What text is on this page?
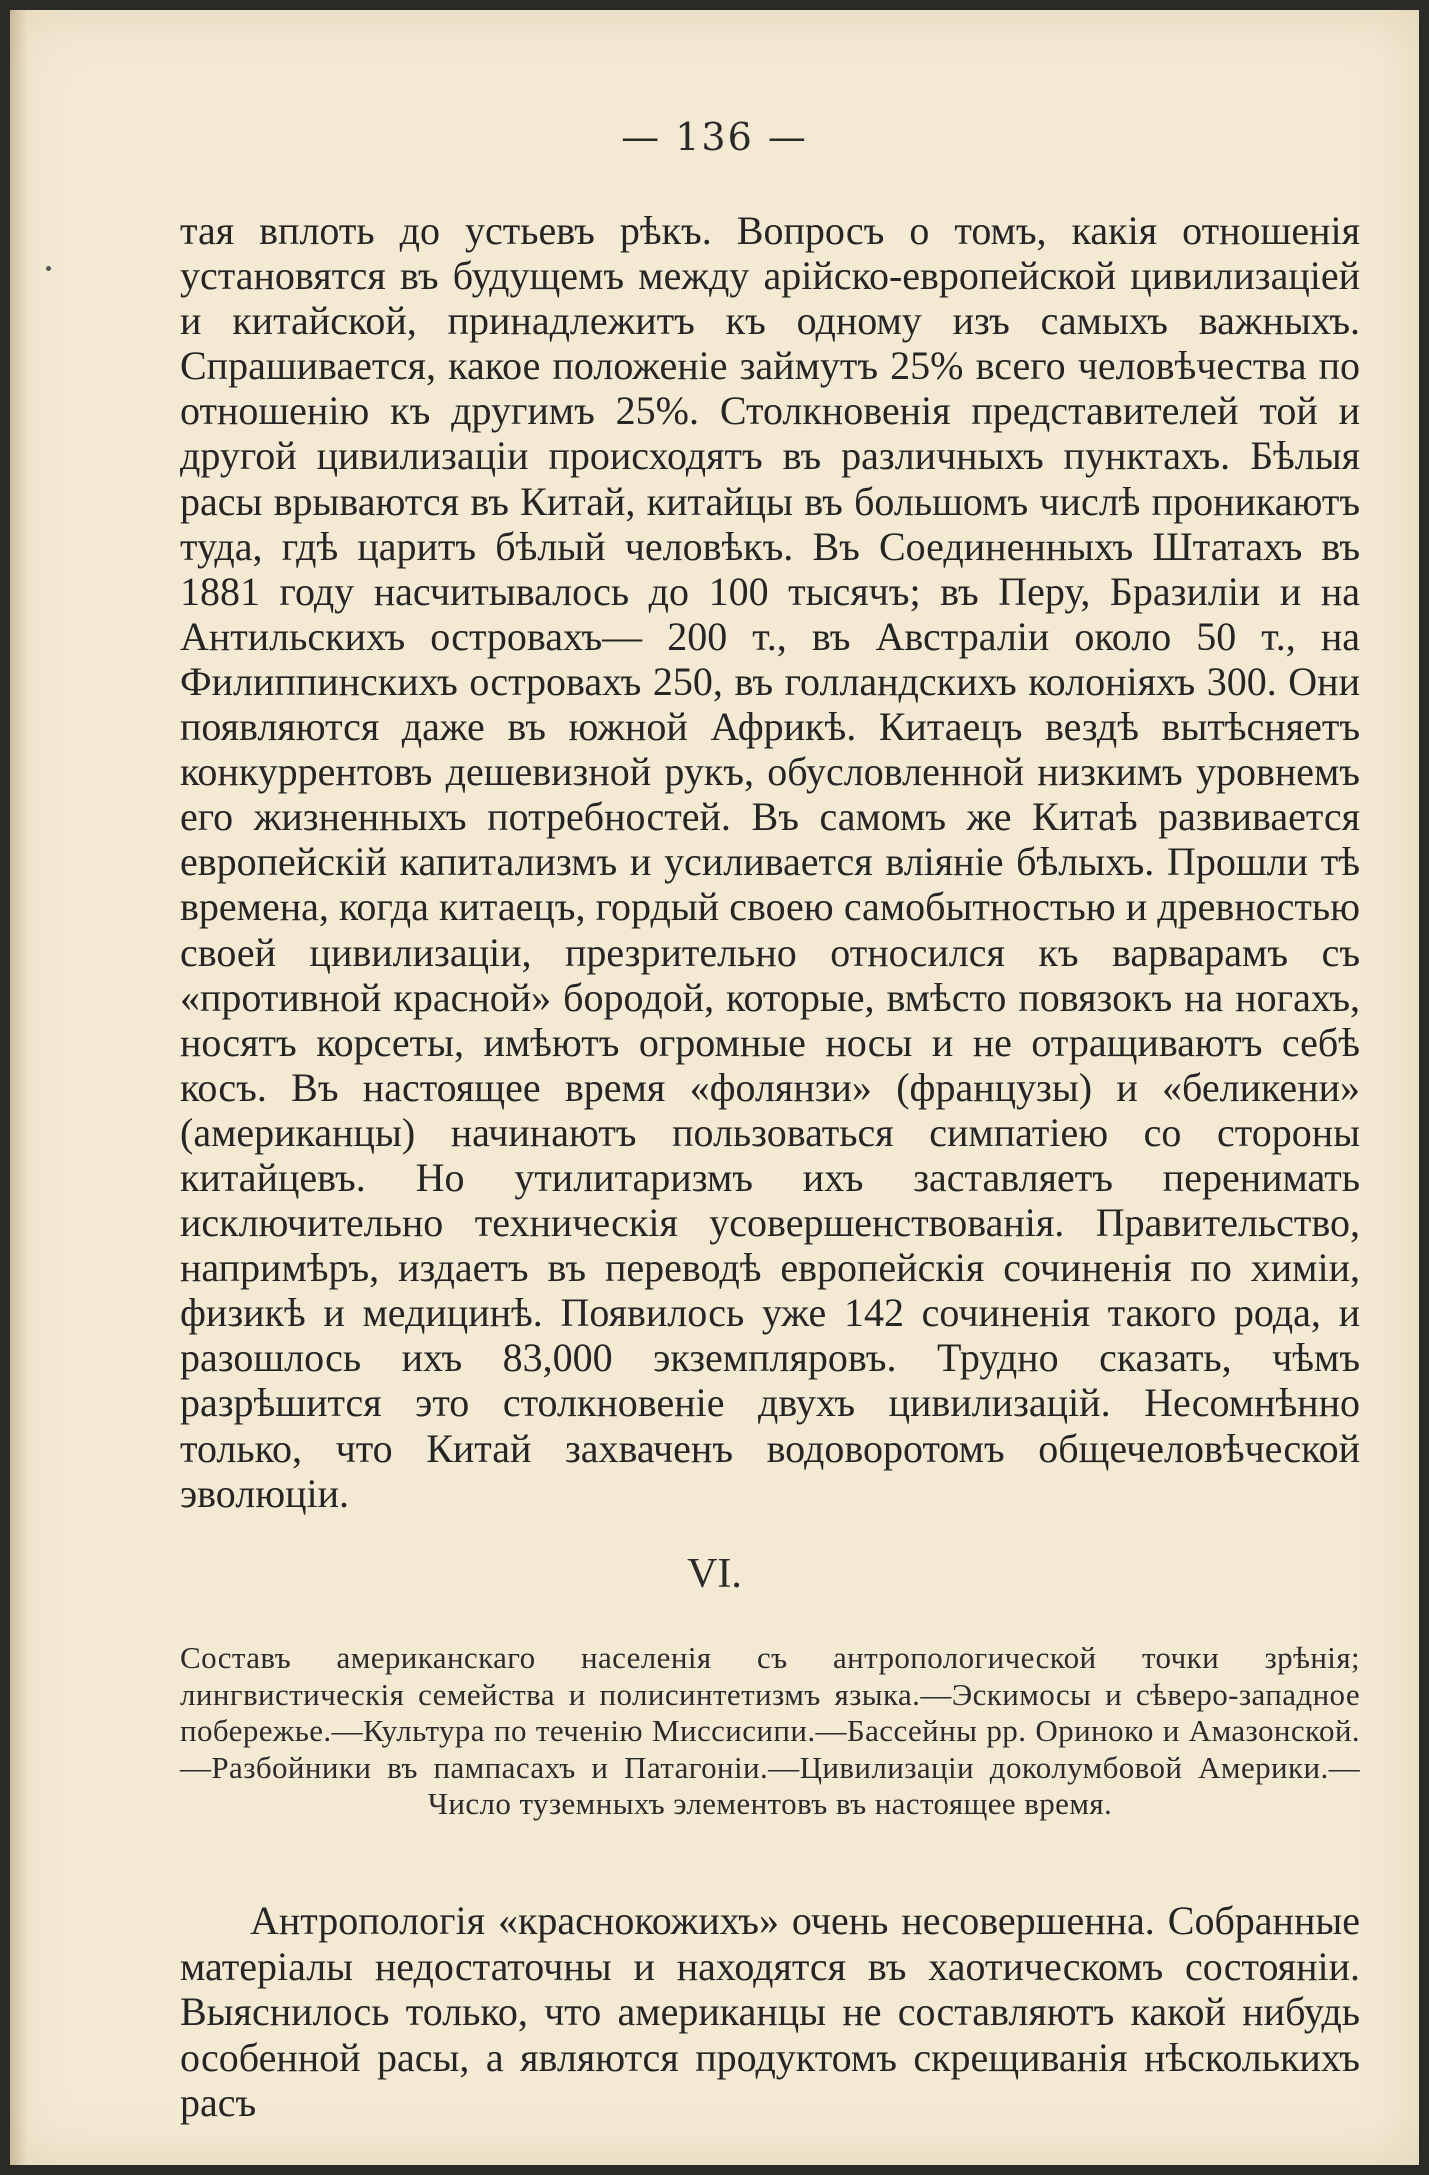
— 136 —

тая вплоть до устьевъ рѣкъ. Вопросъ о томъ, какія отношенія установятся въ будущемъ между арійско-европейской цивилизаціей и китайской, принадлежитъ къ одному изъ самыхъ важныхъ. Спрашивается, какое положеніе займутъ 25% всего человѣчества по отношенію къ другимъ 25%. Столкновенія представителей той и другой цивилизаціи происходятъ въ различныхъ пунктахъ. Бѣлыя расы врываются въ Китай, китайцы въ большомъ числѣ проникаютъ туда, гдѣ царитъ бѣлый человѣкъ. Въ Соединенныхъ Штатахъ въ 1881 году насчитывалось до 100 тысячъ; въ Перу, Бразиліи и на Антильскихъ островахъ— 200 т., въ Австраліи около 50 т., на Филиппинскихъ островахъ 250, въ голландскихъ колоніяхъ 300. Они появляются даже въ южной Африкѣ. Китаецъ вездѣ вытѣсняетъ конкуррентовъ дешевизной рукъ, обусловленной низкимъ уровнемъ его жизненныхъ потребностей. Въ самомъ же Китаѣ развивается европейскій капитализмъ и усиливается вліяніе бѣлыхъ. Прошли тѣ времена, когда китаецъ, гордый своею самобытностью и древностью своей цивилизаціи, презрительно относился къ варварамъ съ «противной красной» бородой, которые, вмѣсто повязокъ на ногахъ, носятъ корсеты, имѣютъ огромные носы и не отращиваютъ себѣ косъ. Въ настоящее время «фолянзи» (французы) и «беликени» (американцы) начинаютъ пользоваться симпатіею со стороны китайцевъ. Но утилитаризмъ ихъ заставляетъ перенимать исключительно техническія усовершенствованія. Правительство, напримѣръ, издаетъ въ переводѣ европейскія сочиненія по химіи, физикѣ и медицинѣ. Появилось уже 142 сочиненія такого рода, и разошлось ихъ 83,000 экземпляровъ. Трудно сказать, чѣмъ разрѣшится это столкновеніе двухъ цивилизацій. Несомнѣнно только, что Китай захваченъ водоворотомъ общечеловѣческой эволюціи.

VI.

Составъ американскаго населенія съ антропологической точки зрѣнія; лингвистическія семейства и полисинтетизмъ языка.—Эскимосы и сѣверо-западное побережье.—Культура по теченію Миссисипи.—Бассейны рр. Ориноко и Амазонской.—Разбойники въ пампасахъ и Патагоніи.—Цивилизаціи доколумбовой Америки.—Число туземныхъ элементовъ въ настоящее время.

Антропологія «краснокожихъ» очень несовершенна. Собранные матеріалы недостаточны и находятся въ хаотическомъ состояніи. Выяснилось только, что американцы не составляютъ какой нибудь особенной расы, а являются продуктомъ скрещиванія нѣсколькихъ расъ
